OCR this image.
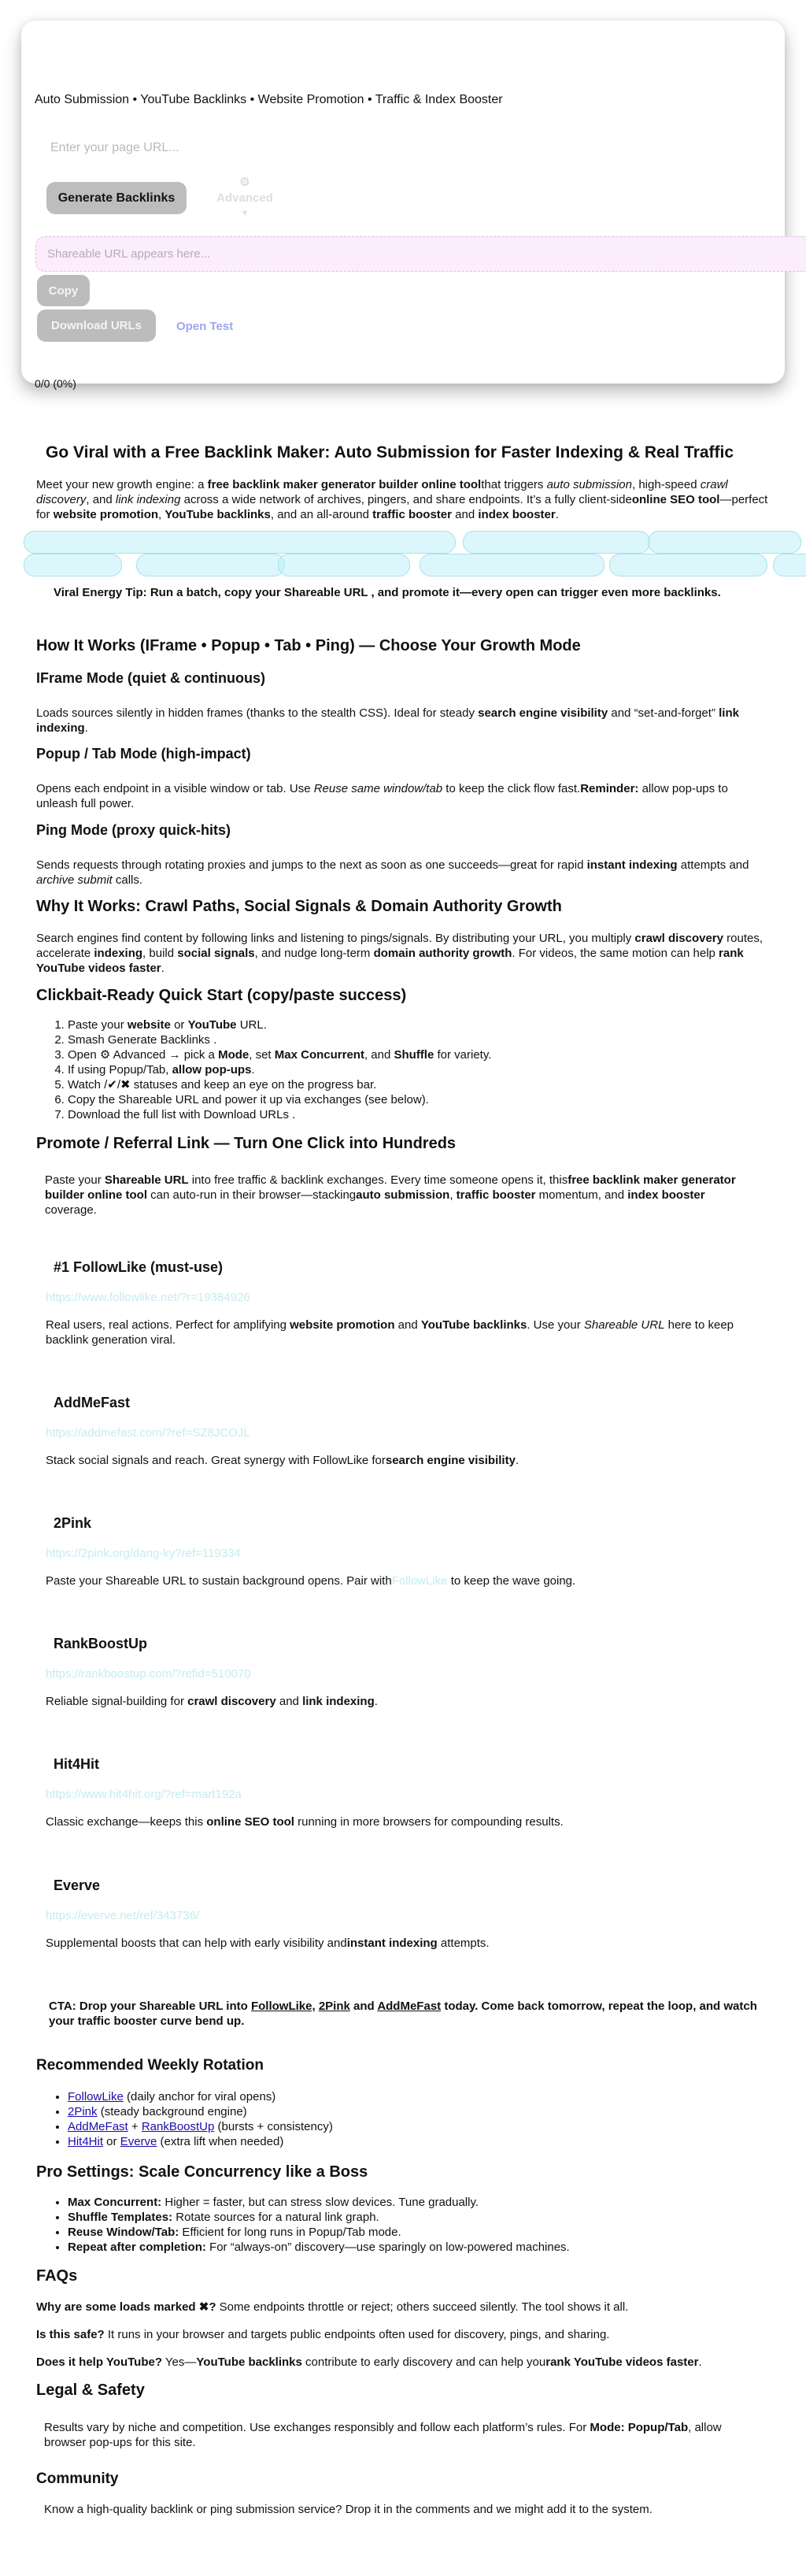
Auto Submission • YouTube Backlinks • Website Promotion • Traffic & Index Booster
Enter your page URL...
Generate Backlinks
⚙ Advanced
▼
Shareable URL appears here...
Copy
Download URLs	Open Test
0/0 (0%)
Go Viral with a Free Backlink Maker: Auto Submission for Faster Indexing & Real Traffic

Meet your new growth engine: a free backlink maker generator builder online toolthat triggers auto submission, high-speed crawl discovery, and link indexing across a wide network of archives, pingers, and share endpoints. It’s a fully client-sideonline SEO tool—perfect for website promotion, YouTube backlinks, and an all-around traffic booster and index booster.

Viral Energy Tip: Run a batch, copy your Shareable URL , and promote it—every open can trigger even more backlinks.
How It Works (IFrame • Popup • Tab • Ping) — Choose Your Growth Mode
IFrame Mode (quiet & continuous)

Loads sources silently in hidden frames (thanks to the stealth CSS). Ideal for steady search engine visibility and “set-and-forget” link indexing.

Popup / Tab Mode (high-impact)

Opens each endpoint in a visible window or tab. Use Reuse same window/tab to keep the click flow fast.Reminder: allow pop-ups to unleash full power.

Ping Mode (proxy quick-hits)

Sends requests through rotating proxies and jumps to the next as soon as one succeeds—great for rapid instant indexing attempts and archive submit calls.

Why It Works: Crawl Paths, Social Signals & Domain Authority Growth

Search engines find content by following links and listening to pings/signals. By distributing your URL, you multiply crawl discovery routes, accelerate indexing, build social signals, and nudge long-term domain authority growth. For videos, the same motion can help rank YouTube videos faster.

Clickbait-Ready Quick Start (copy/paste success)
1. Paste your website or YouTube URL.
2. Smash Generate Backlinks .
3. Open ⚙ Advanced → pick a Mode, set Max Concurrent, and Shuffle for variety.
4. If using Popup/Tab, allow pop-ups.
5. Watch /✔/✖ statuses and keep an eye on the progress bar.
6. Copy the Shareable URL and power it up via exchanges (see below).
7. Download the full list with Download URLs .
Promote / Referral Link — Turn One Click into Hundreds

Paste your Shareable URL into free traffic & backlink exchanges. Every time someone opens it, thisfree backlink maker generator builder online tool can auto-run in their browser—stackingauto submission, traffic booster momentum, and index booster coverage.

#1 FollowLike (must-use)
https://www.followlike.net/?r=19384926

Real users, real actions. Perfect for amplifying website promotion and YouTube backlinks. Use your Shareable URL here to keep backlink generation viral.

AddMeFast
https://addmefast.com/?ref=SZ8JCOJL

Stack social signals and reach. Great synergy with FollowLike forsearch engine visibility.

2Pink
https://2pink.org/dang-ky?ref=119334

Paste your Shareable URL to sustain background opens. Pair withFollowLike to keep the wave going.

RankBoostUp
https://rankboostup.com/?refid=510070

Reliable signal-building for crawl discovery and link indexing.

Hit4Hit
https://www.hit4hit.org/?ref=mart192a

Classic exchange—keeps this online SEO tool running in more browsers for compounding results.

Everve
https://everve.net/ref/343736/

Supplemental boosts that can help with early visibility andinstant indexing attempts.

CTA: Drop your Shareable URL into FollowLike, 2Pink and AddMeFast today. Come back tomorrow, repeat the loop, and watch your traffic booster curve bend up.

Recommended Weekly Rotation
• FollowLike (daily anchor for viral opens)
• 2Pink (steady background engine)
• AddMeFast + RankBoostUp (bursts + consistency)
• Hit4Hit or Everve (extra lift when needed)
Pro Settings: Scale Concurrency like a Boss
• Max Concurrent: Higher = faster, but can stress slow devices. Tune gradually.
• Shuffle Templates: Rotate sources for a natural link graph.
• Reuse Window/Tab: Efficient for long runs in Popup/Tab mode.
• Repeat after completion: For “always-on” discovery—use sparingly on low-powered machines.
FAQs

Why are some loads marked ✖? Some endpoints throttle or reject; others succeed silently. The tool shows it all.

Is this safe? It runs in your browser and targets public endpoints often used for discovery, pings, and sharing.

Does it help YouTube? Yes—YouTube backlinks contribute to early discovery and can help yourank YouTube videos faster.

Legal & Safety

Results vary by niche and competition. Use exchanges responsibly and follow each platform’s rules. For Mode: Popup/Tab, allow browser pop-ups for this site.

Community

Know a high-quality backlink or ping submission service? Drop it in the comments and we might add it to the system.
